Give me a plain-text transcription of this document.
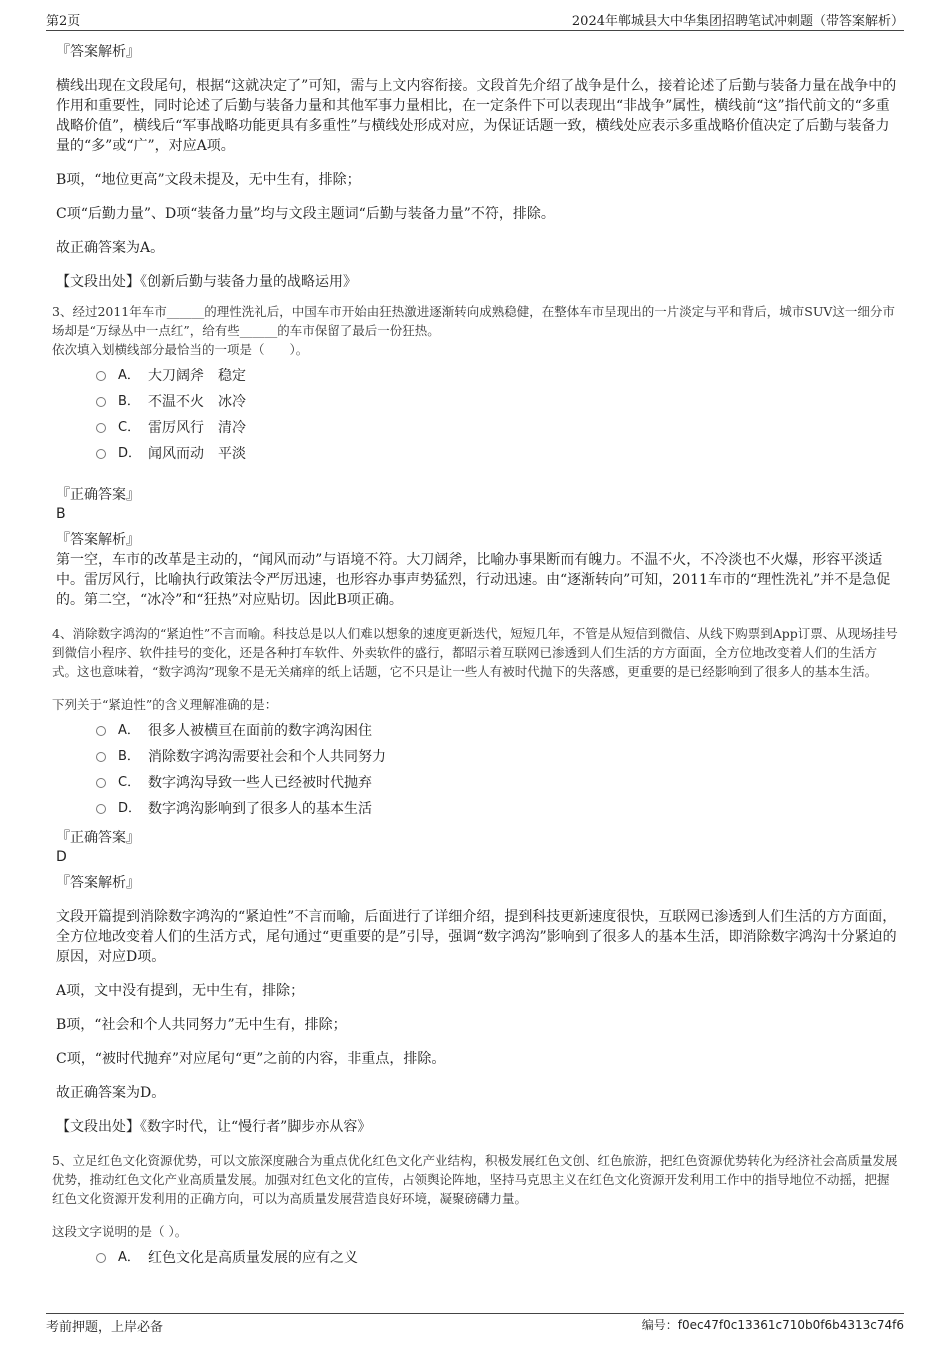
第2页	2024年郸城县大中华集团招聘笔试冲刺题（带答案解析）

『答案解析』

横线出现在文段尾句，根据“这就决定了”可知，需与上文内容衔接。文段首先介绍了战争是什么，接着论述了后勤与装备力量在战争中的作用和重要性，同时论述了后勤与装备力量和其他军事力量相比，在一定条件下可以表现出“非战争”属性，横线前“这”指代前文的“多重战略价值”，横线后“军事战略功能更具有多重性”与横线处形成对应，为保证话题一致，横线处应表示多重战略价值决定了后勤与装备力量的“多”或“广”，对应A项。

B项，“地位更高”文段未提及，无中生有，排除；

C项“后勤力量”、D项“装备力量”均与文段主题词“后勤与装备力量”不符，排除。

故正确答案为A。

【文段出处】《创新后勤与装备力量的战略运用》

3、经过2011年车市______的理性洗礼后，中国车市开始由狂热激进逐渐转向成熟稳健，在整体车市呈现出的一片淡定与平和背后，城市SUV这一细分市场却是“万绿丛中一点红”，给有些______的车市保留了最后一份狂热。

依次填入划横线部分最恰当的一项是（　　）。

A． 大刀阔斧　稳定
B． 不温不火　冰冷
C． 雷厉风行　清冷
D． 闻风而动　平淡

『正确答案』

B

『答案解析』

第一空，车市的改革是主动的，“闻风而动”与语境不符。大刀阔斧，比喻办事果断而有魄力。不温不火，不冷淡也不火爆，形容平淡适中。雷厉风行，比喻执行政策法令严厉迅速，也形容办事声势猛烈，行动迅速。由“逐渐转向”可知，2011车市的“理性洗礼”并不是急促的。第二空，“冰冷”和“狂热”对应贴切。因此B项正确。

4、消除数字鸿沟的“紧迫性”不言而喻。科技总是以人们难以想象的速度更新迭代，短短几年，不管是从短信到微信、从线下购票到App订票、从现场挂号到微信小程序、软件挂号的变化，还是各种打车软件、外卖软件的盛行，都昭示着互联网已渗透到人们生活的方方面面，全方位地改变着人们的生活方式。这也意味着，“数字鸿沟”现象不是无关痛痒的纸上话题，它不只是让一些人有被时代抛下的失落感，更重要的是已经影响到了很多人的基本生活。

下列关于“紧迫性”的含义理解准确的是：

A． 很多人被横亘在面前的数字鸿沟困住
B． 消除数字鸿沟需要社会和个人共同努力
C． 数字鸿沟导致一些人已经被时代抛弃
D． 数字鸿沟影响到了很多人的基本生活

『正确答案』

D

『答案解析』

文段开篇提到消除数字鸿沟的“紧迫性”不言而喻，后面进行了详细介绍，提到科技更新速度很快，互联网已渗透到人们生活的方方面面，全方位地改变着人们的生活方式，尾句通过“更重要的是”引导，强调“数字鸿沟”影响到了很多人的基本生活，即消除数字鸿沟十分紧迫的原因，对应D项。

A项，文中没有提到，无中生有，排除；

B项，“社会和个人共同努力”无中生有，排除；

C项，“被时代抛弃”对应尾句“更”之前的内容，非重点，排除。

故正确答案为D。

【文段出处】《数字时代，让“慢行者”脚步亦从容》

5、立足红色文化资源优势，可以文旅深度融合为重点优化红色文化产业结构，积极发展红色文创、红色旅游，把红色资源优势转化为经济社会高质量发展优势，推动红色文化产业高质量发展。加强对红色文化的宣传，占领舆论阵地，坚持马克思主义在红色文化资源开发利用工作中的指导地位不动摇，把握红色文化资源开发利用的正确方向，可以为高质量发展营造良好环境，凝聚磅礴力量。

这段文字说明的是（ ）。

A． 红色文化是高质量发展的应有之义
考前押题，上岸必备	编号：f0ec47f0c13361c710b0f6b4313c74f6
